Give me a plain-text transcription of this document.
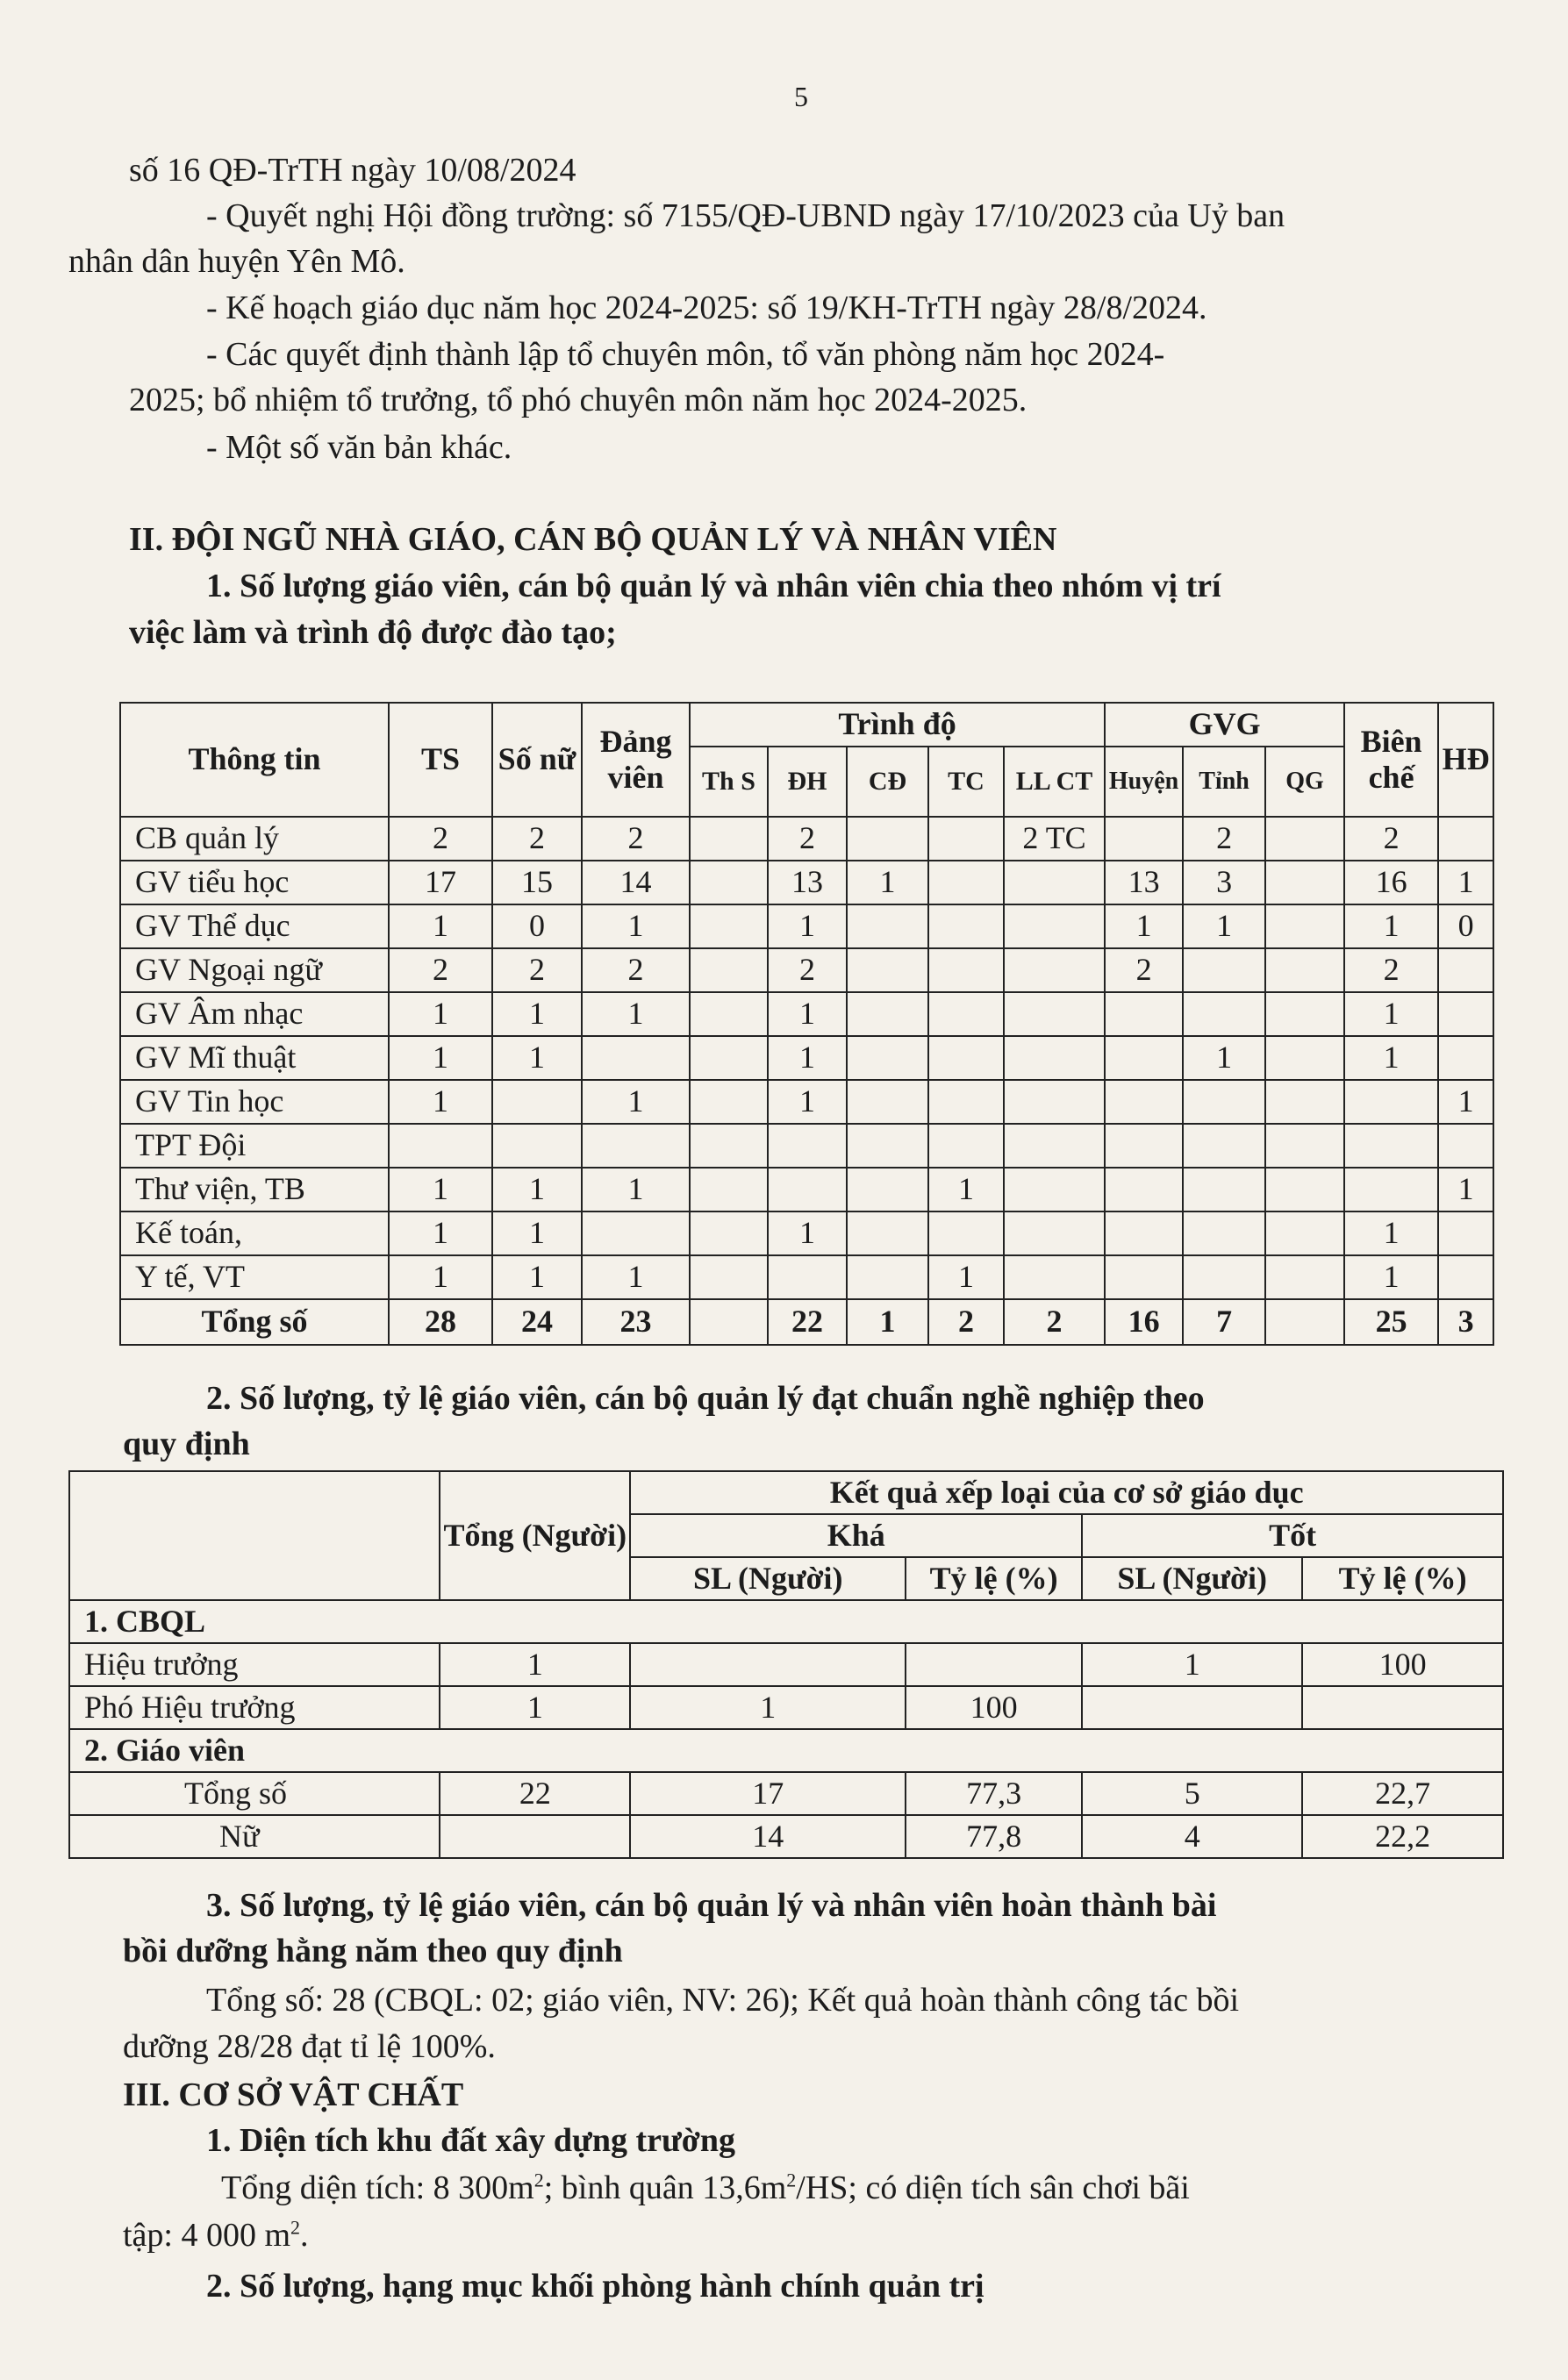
5
số 16 QĐ-TrTH ngày 10/08/2024
- Quyết nghị Hội đồng trường: số 7155/QĐ-UBND ngày 17/10/2023 của Uỷ ban
nhân dân huyện Yên Mô.
- Kế hoạch giáo dục năm học 2024-2025: số 19/KH-TrTH ngày 28/8/2024.
- Các quyết định thành lập tổ chuyên môn, tổ văn phòng năm học 2024-
2025; bổ nhiệm tổ trưởng, tổ phó chuyên môn năm học 2024-2025.
- Một số văn bản khác.
II. ĐỘI NGŨ NHÀ GIÁO, CÁN BỘ QUẢN LÝ VÀ NHÂN VIÊN
1. Số lượng giáo viên, cán bộ quản lý và nhân viên chia theo nhóm vị trí
việc làm và trình độ được đào tạo;
Thông tin	TS	Số nữ	Đảng viên	Trình độ					GVG			Biên chế	HĐ
				Th S	ĐH	CĐ	TC	LL CT	Huyện	Tỉnh	QG		
CB quản lý	2	2	2		2			2 TC		2		2	
GV tiểu học	17	15	14		13	1			13	3		16	1
GV Thể dục	1	0	1		1				1	1		1	0
GV Ngoại ngữ	2	2	2		2				2			2	
GV Âm nhạc	1	1	1		1							1	
GV Mĩ thuật	1	1			1					1		1	
GV Tin học	1		1		1								1
TPT Đội													
Thư viện, TB	1	1	1				1						1
Kế toán,	1	1			1							1	
Y tế, VT	1	1	1				1					1	
Tổng số	28	24	23		22	1	2	2	16	7		25	3
2. Số lượng, tỷ lệ giáo viên, cán bộ quản lý đạt chuẩn nghề nghiệp theo
quy định
	Tổng (Người)	Kết quả xếp loại của cơ sở giáo dục			
		Khá		Tốt	
		SL (Người)	Tỷ lệ (%)	SL (Người)	Tỷ lệ (%)
1. CBQL					
Hiệu trưởng	1			1	100
Phó Hiệu trưởng	1	1	100		
2. Giáo viên					
Tổng số	22	17	77,3	5	22,7
Nữ		14	77,8	4	22,2
3. Số lượng, tỷ lệ giáo viên, cán bộ quản lý và nhân viên hoàn thành bài
bồi dưỡng hằng năm theo quy định
Tổng số: 28 (CBQL: 02; giáo viên, NV: 26); Kết quả hoàn thành công tác bồi
dưỡng 28/28 đạt tỉ lệ 100%.
III. CƠ SỞ VẬT CHẤT
1. Diện tích khu đất xây dựng trường
Tổng diện tích: 8 $300m^2$; bình quân $13,6m^2/HS$; có diện tích sân chơi bãi
tập: 4 000 $m^2$.
2. Số lượng, hạng mục khối phòng hành chính quản trị
